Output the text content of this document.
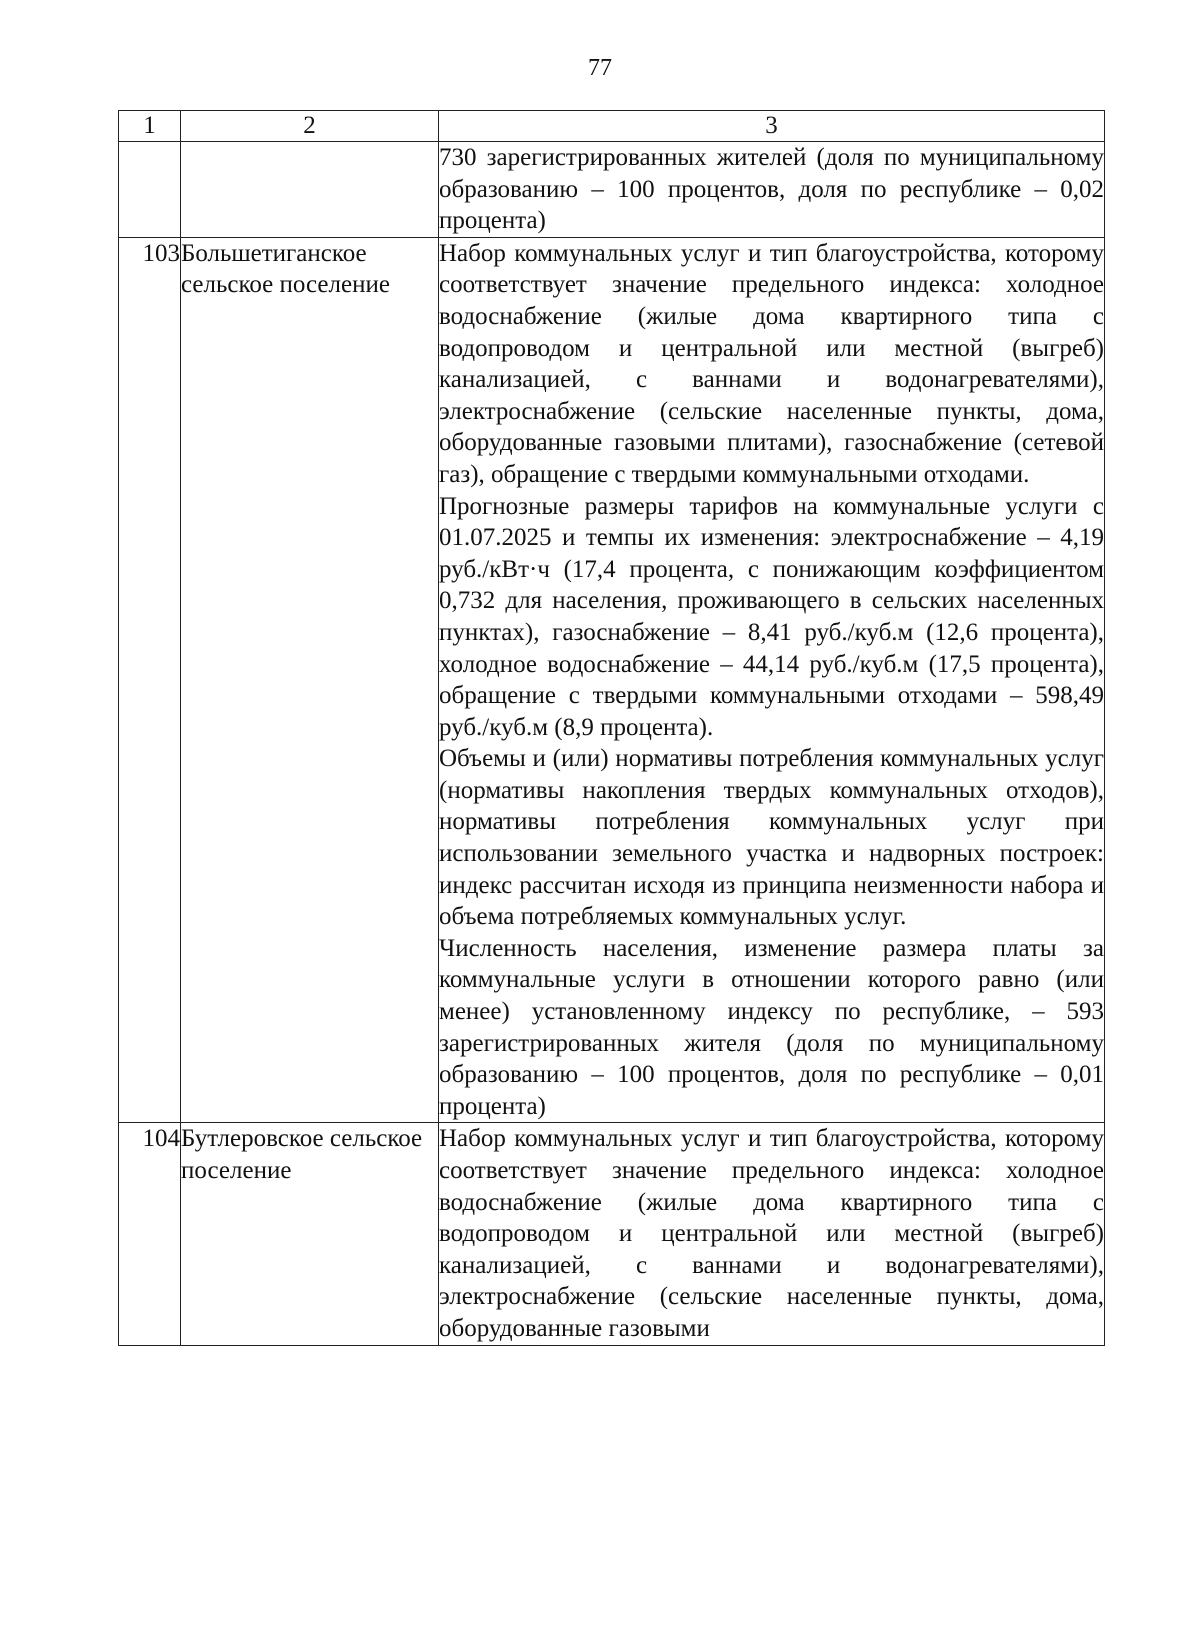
77
1	2	3

		730 зарегистрированных жителей (доля по муниципальному образованию – 100 процентов, доля по республике – 0,02 процента)

103	Большетиганское сельское поселение	Набор коммунальных услуг и тип благоустройства, которому соответствует значение предельного индекса: холодное водоснабжение (жилые дома квартирного типа с водопроводом и центральной или местной (выгреб) канализацией, с ваннами и водонагревателями), электроснабжение (сельские населенные пункты, дома, оборудованные газовыми плитами), газоснабжение (сетевой газ), обращение с твердыми коммунальными отходами.

Прогнозные размеры тарифов на коммунальные услуги с 01.07.2025 и темпы их изменения: электроснабжение – 4,19 руб./кВт·ч (17,4 процента, с понижающим коэффициентом 0,732 для населения, проживающего в сельских населенных пунктах), газоснабжение – 8,41 руб./куб.м (12,6 процента), холодное водоснабжение – 44,14 руб./куб.м (17,5 процента), обращение с твердыми коммунальными отходами – 598,49 руб./куб.м (8,9 процента).

Объемы и (или) нормативы потребления коммунальных услуг (нормативы накопления твердых коммунальных отходов), нормативы потребления коммунальных услуг при использовании земельного участка и надворных построек: индекс рассчитан исходя из принципа неизменности набора и объема потребляемых коммунальных услуг.

Численность населения, изменение размера платы за коммунальные услуги в отношении которого равно (или менее) установленному индексу по республике, – 593 зарегистрированных жителя (доля по муниципальному образованию – 100 процентов, доля по республике – 0,01 процента)

104	Бутлеровское сельское поселение	Набор коммунальных услуг и тип благоустройства, которому соответствует значение предельного индекса: холодное водоснабжение (жилые дома квартирного типа с водопроводом и центральной или местной (выгреб) канализацией, с ваннами и водонагревателями), электроснабжение (сельские населенные пункты, дома, оборудованные газовыми
